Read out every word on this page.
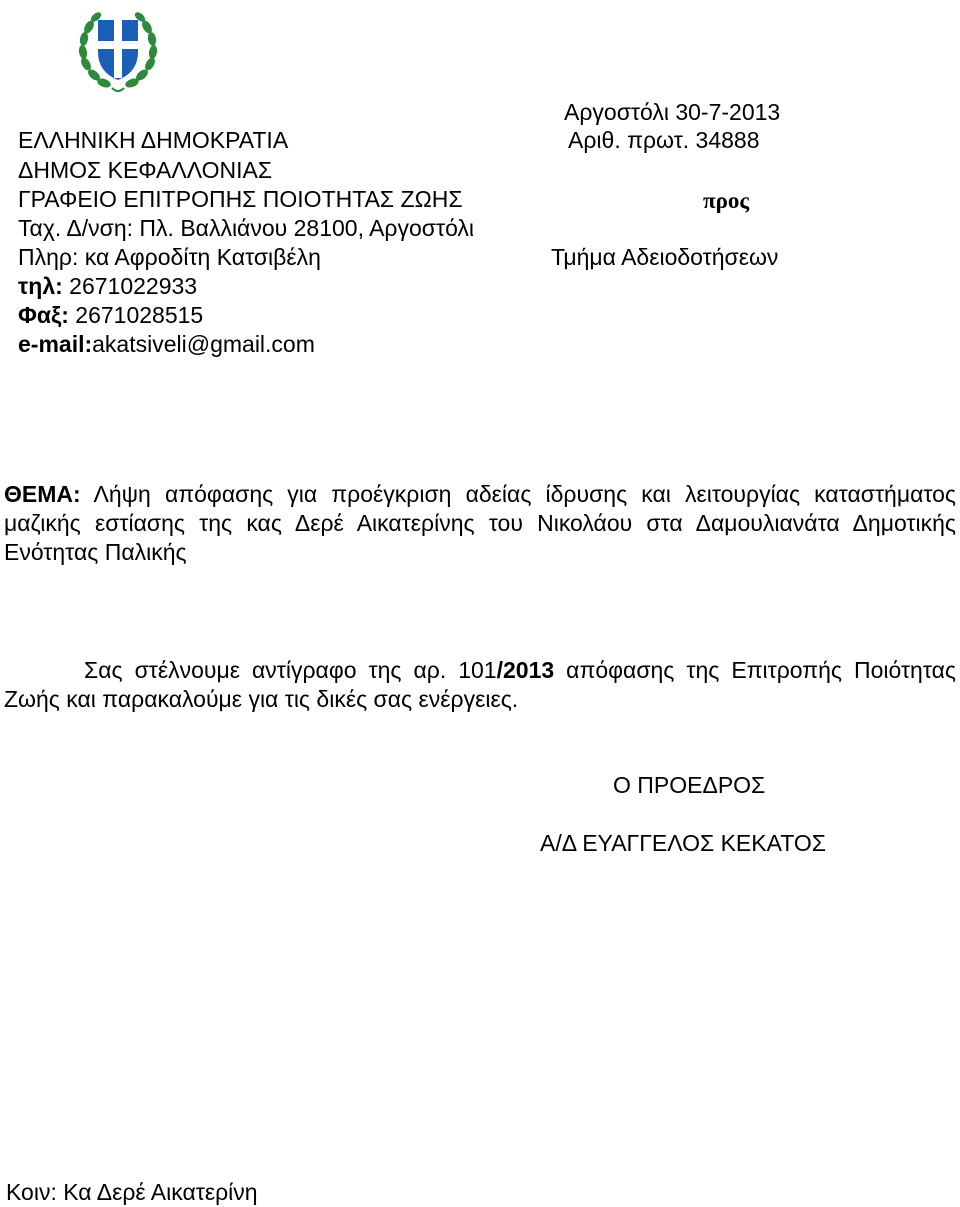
ΕΛΛΗΝΙΚΗ ΔΗΜΟΚΡΑΤΙΑ
ΔΗΜΟΣ ΚΕΦΑΛΛΟΝΙΑΣ
ΓΡΑΦΕΙΟ ΕΠΙΤΡΟΠΗΣ ΠΟΙΟΤΗΤΑΣ ΖΩΗΣ
Ταχ. Δ/νση: Πλ. Βαλλιάνου 28100, Αργοστόλι
Πληρ: κα Αφροδίτη Κατσιβέλη
τηλ: 2671022933
Φαξ: 2671028515
e-mail:akatsiveli@gmail.com
Αργοστόλι 30-7-2013
Αριθ. πρωτ. 34888
προς
Τμήμα Αδειοδοτήσεων
ΘΕΜΑ: Λήψη απόφασης για προέγκριση αδείας ίδρυσης και λειτουργίας καταστήματος μαζικής εστίασης της κας Δερέ Αικατερίνης του Νικολάου στα Δαμουλιανάτα Δημοτικής Ενότητας Παλικής
Σας στέλνουμε αντίγραφο της αρ. 101/2013 απόφασης της Επιτροπής Ποιότητας
Ζωής και παρακαλούμε για τις δικές σας ενέργειες.
Ο ΠΡΟΕΔΡΟΣ
Α/Δ ΕΥΑΓΓΕΛΟΣ ΚΕΚΑΤΟΣ
Κοιν: Κα Δερέ Αικατερίνη
